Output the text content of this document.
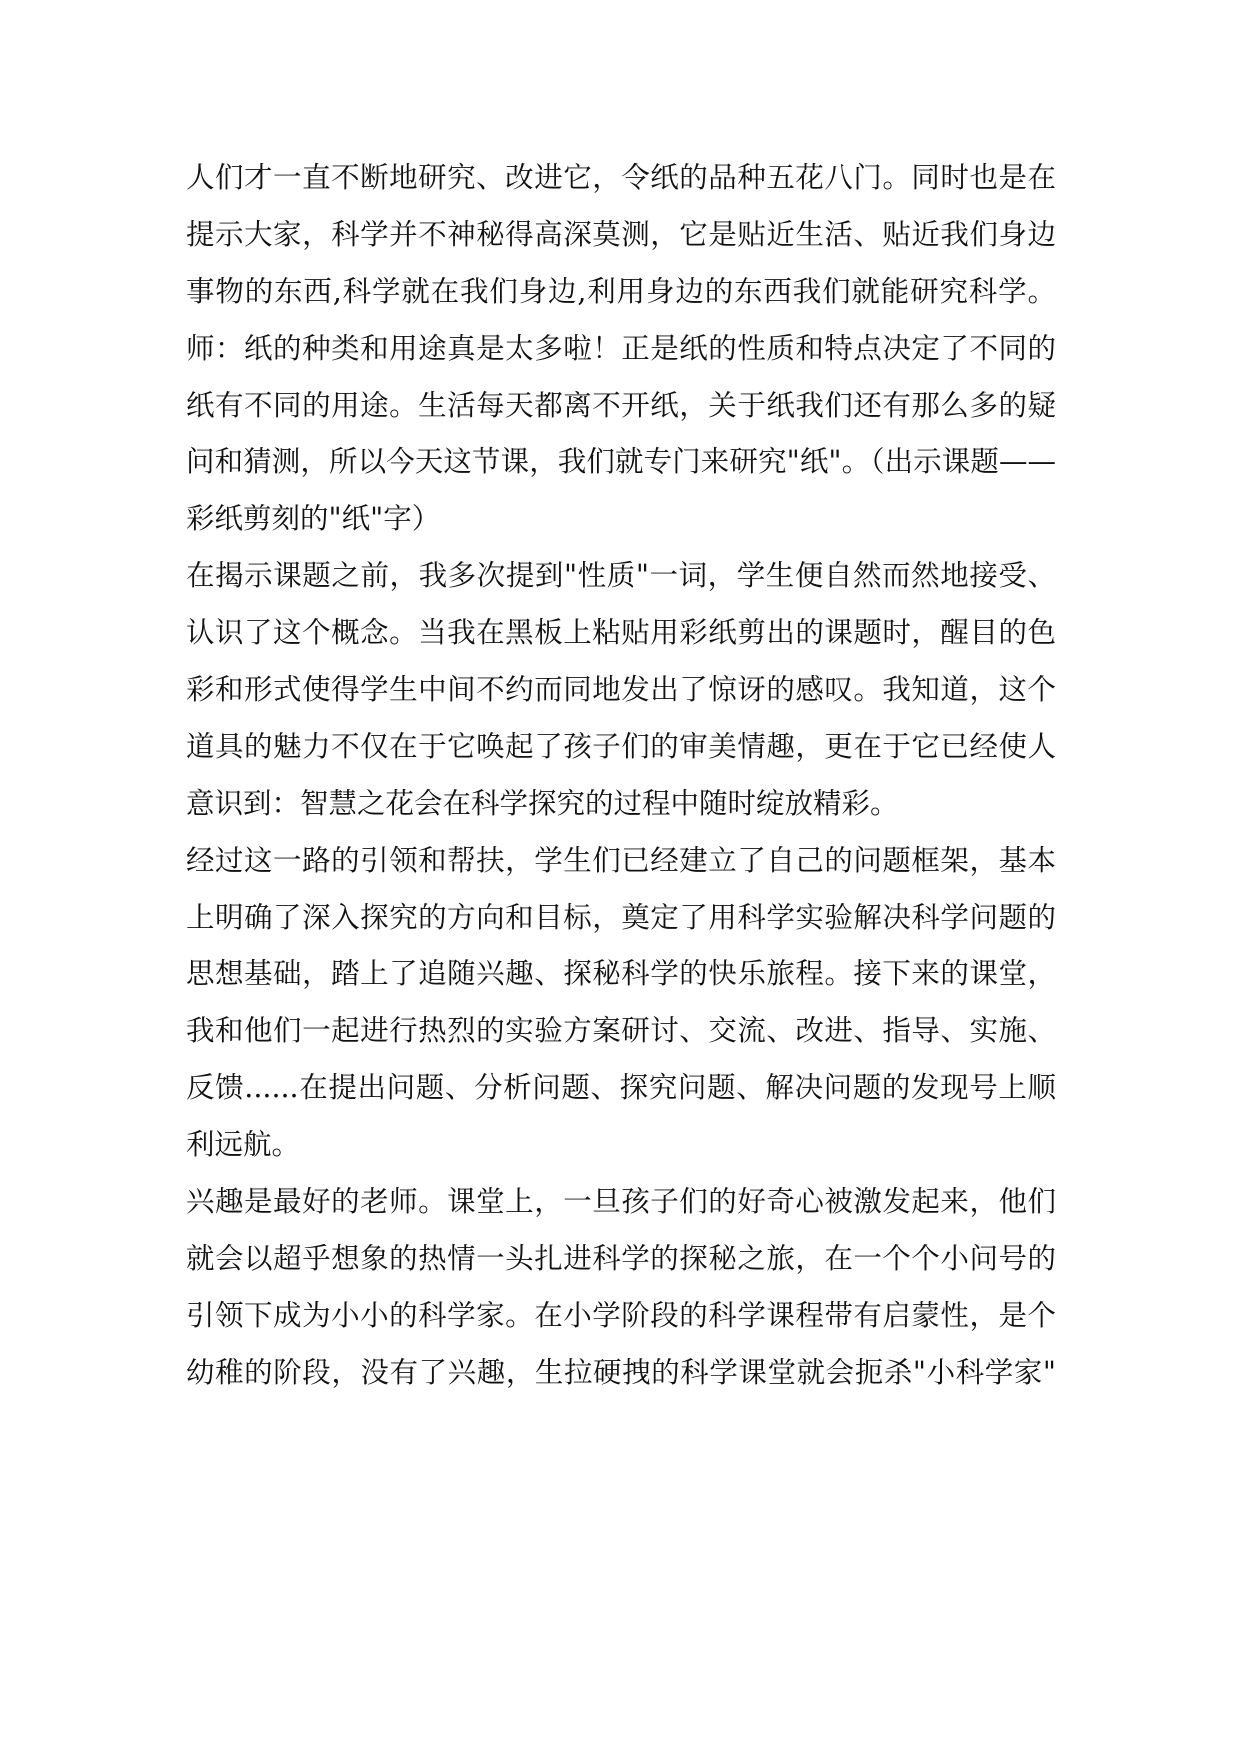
人们才一直不断地研究、改进它，令纸的品种五花八门。同时也是在
提示大家，科学并不神秘得高深莫测，它是贴近生活、贴近我们身边
事物的东西,科学就在我们身边,利用身边的东西我们就能研究科学。
师：纸的种类和用途真是太多啦！正是纸的性质和特点决定了不同的
纸有不同的用途。生活每天都离不开纸，关于纸我们还有那么多的疑
问和猜测，所以今天这节课，我们就专门来研究"纸"。（出示课题——
彩纸剪刻的"纸"字）
在揭示课题之前，我多次提到"性质"一词，学生便自然而然地接受、
认识了这个概念。当我在黑板上粘贴用彩纸剪出的课题时，醒目的色
彩和形式使得学生中间不约而同地发出了惊讶的感叹。我知道，这个
道具的魅力不仅在于它唤起了孩子们的审美情趣，更在于它已经使人
意识到：智慧之花会在科学探究的过程中随时绽放精彩。
经过这一路的引领和帮扶，学生们已经建立了自己的问题框架，基本
上明确了深入探究的方向和目标，奠定了用科学实验解决科学问题的
思想基础，踏上了追随兴趣、探秘科学的快乐旅程。接下来的课堂，
我和他们一起进行热烈的实验方案研讨、交流、改进、指导、实施、
反馈......在提出问题、分析问题、探究问题、解决问题的发现号上顺
利远航。
兴趣是最好的老师。课堂上，一旦孩子们的好奇心被激发起来，他们
就会以超乎想象的热情一头扎进科学的探秘之旅，在一个个小问号的
引领下成为小小的科学家。在小学阶段的科学课程带有启蒙性，是个
幼稚的阶段，没有了兴趣，生拉硬拽的科学课堂就会扼杀"小科学家"
